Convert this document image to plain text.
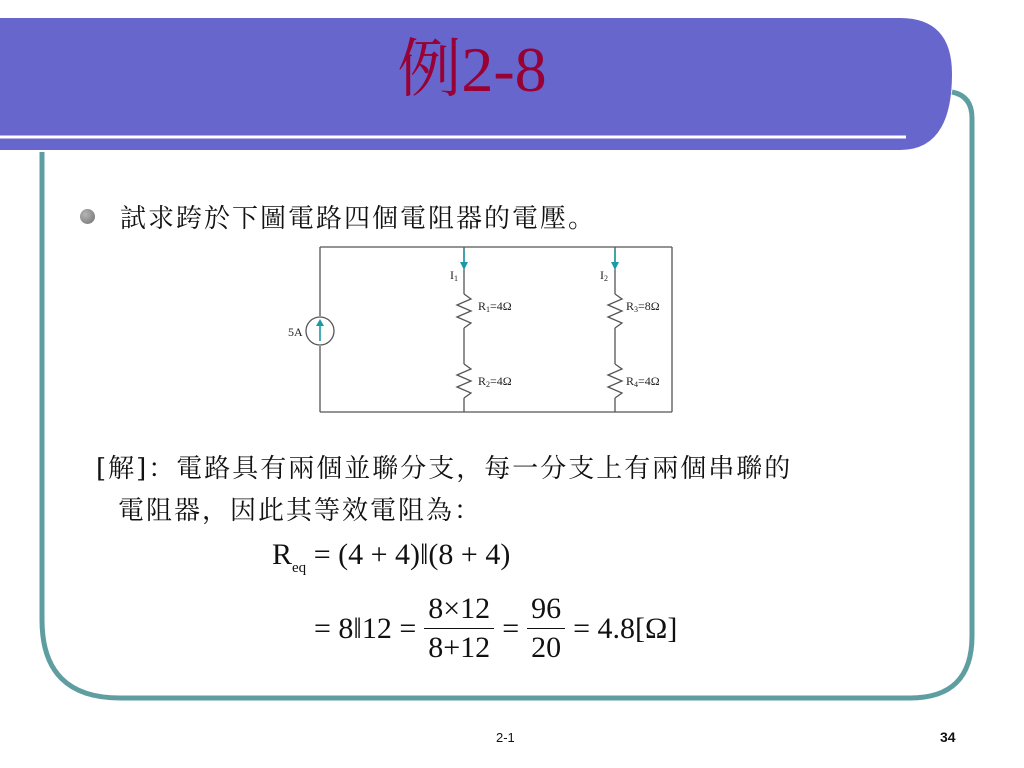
例2-8
試求跨於下圖電路四個電阻器的電壓。
5A
I1	I2
R1=4Ω
R2=4Ω
R3=8Ω
R4=4Ω
[解]：電路具有兩個並聯分支，每一分支上有兩個串聯的
電阻器，因此其等效電阻為：
$R_{eq} = (4$ + 4)‖(8 + 4)
= 8‖12 = $\frac{8\times 12}{8+12} = \frac{96}{20} = 4.8[\Omega]$
2-1	34
